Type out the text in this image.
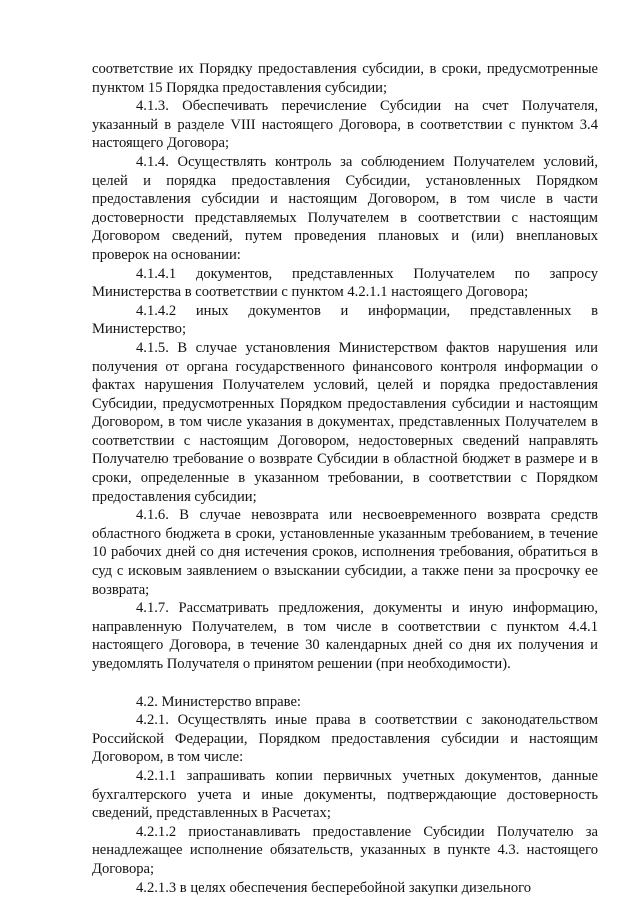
соответствие их Порядку предоставления субсидии, в сроки, предусмотренные пунктом 15 Порядка предоставления субсидии;

4.1.3. Обеспечивать перечисление Субсидии на счет Получателя, указанный в разделе VIII настоящего Договора, в соответствии с пунктом 3.4 настоящего Договора;

4.1.4. Осуществлять контроль за соблюдением Получателем условий, целей и порядка предоставления Субсидии, установленных Порядком предоставления субсидии и настоящим Договором, в том числе в части достоверности представляемых Получателем в соответствии с настоящим Договором сведений, путем проведения плановых и (или) внеплановых проверок на основании:

4.1.4.1 документов, представленных Получателем по запросу Министерства в соответствии с пунктом 4.2.1.1 настоящего Договора;

4.1.4.2 иных документов и информации, представленных в Министерство;

4.1.5. В случае установления Министерством фактов нарушения или получения от органа государственного финансового контроля информации о фактах нарушения Получателем условий, целей и порядка предоставления Субсидии, предусмотренных Порядком предоставления субсидии и настоящим Договором, в том числе указания в документах, представленных Получателем в соответствии с настоящим Договором, недостоверных сведений направлять Получателю требование о возврате Субсидии в областной бюджет в размере и в сроки, определенные в указанном требовании, в соответствии с Порядком предоставления субсидии;

4.1.6. В случае невозврата или несвоевременного возврата средств областного бюджета в сроки, установленные указанным требованием, в течение 10 рабочих дней со дня истечения сроков, исполнения требования, обратиться в суд с исковым заявлением о взыскании субсидии, а также пени за просрочку ее возврата;

4.1.7. Рассматривать предложения, документы и иную информацию, направленную Получателем, в том числе в соответствии с пунктом 4.4.1 настоящего Договора, в течение 30 календарных дней со дня их получения и уведомлять Получателя о принятом решении (при необходимости).

4.2. Министерство вправе:

4.2.1. Осуществлять иные права в соответствии с законодательством Российской Федерации, Порядком предоставления субсидии и настоящим Договором, в том числе:

4.2.1.1 запрашивать копии первичных учетных документов, данные бухгалтерского учета и иные документы, подтверждающие достоверность сведений, представленных в Расчетах;

4.2.1.2 приостанавливать предоставление Субсидии Получателю за ненадлежащее исполнение обязательств, указанных в пункте 4.3. настоящего Договора;

4.2.1.3 в целях обеспечения бесперебойной закупки дизельного
